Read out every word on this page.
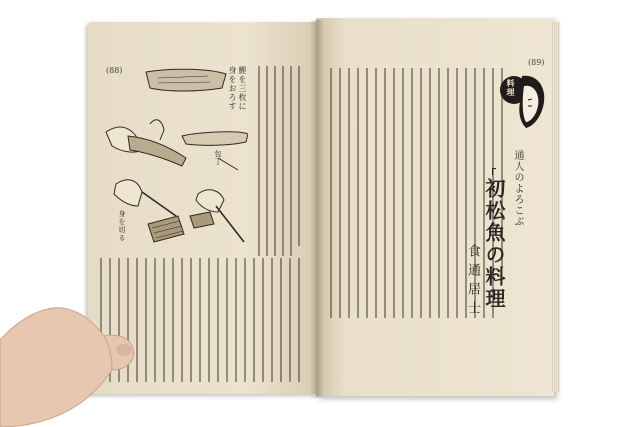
(88)	鰹を三枚に
身をおろす
包丁
身を切る
(89)
料理
通人のよろこぶ
初松魚の料理
食通居士
